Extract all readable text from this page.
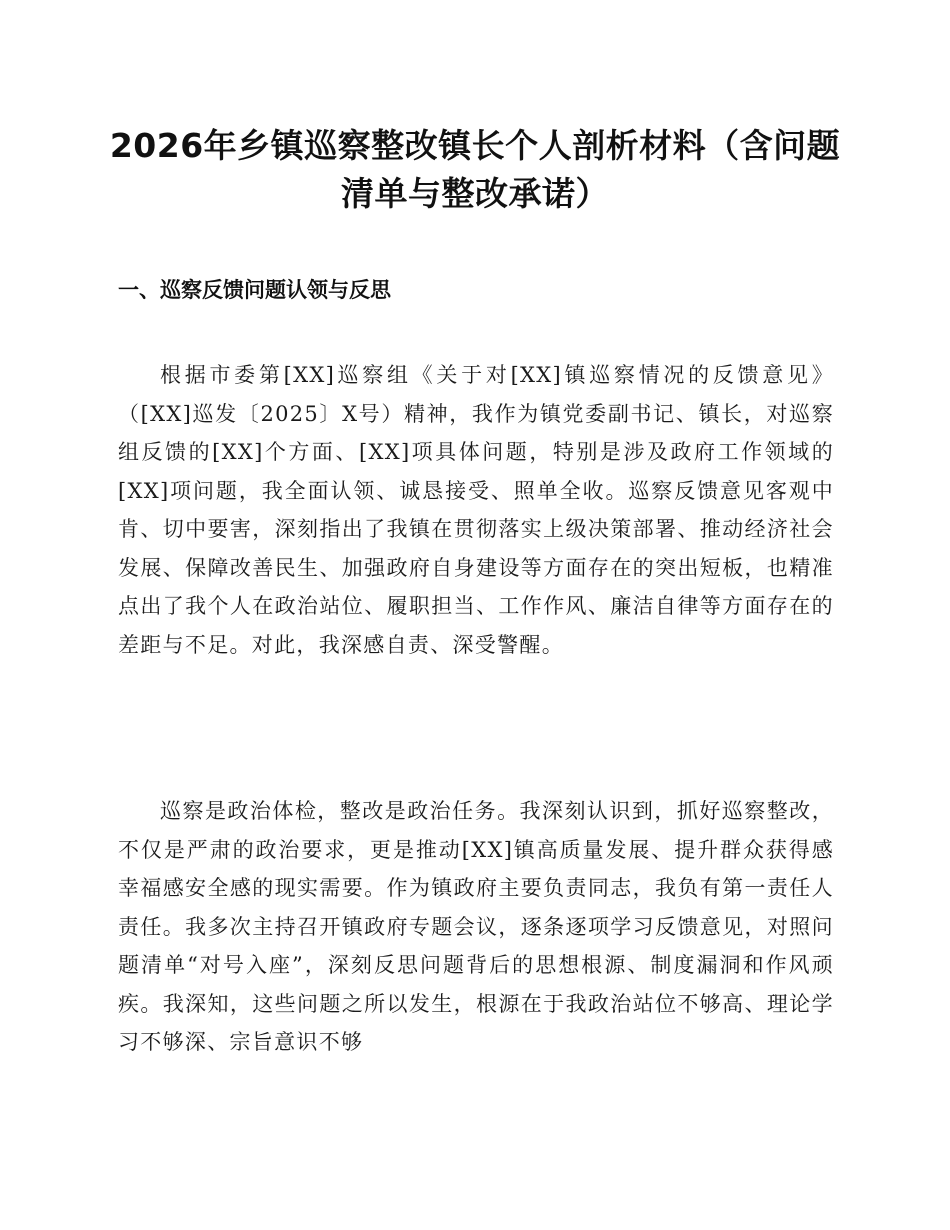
2026年乡镇巡察整改镇长个人剖析材料（含问题清单与整改承诺）
一、巡察反馈问题认领与反思

根据市委第[XX]巡察组《关于对[XX]镇巡察情况的反馈意见》（[XX]巡发〔2025〕X号）精神，我作为镇党委副书记、镇长，对巡察组反馈的[XX]个方面、[XX]项具体问题，特别是涉及政府工作领域的[XX]项问题，我全面认领、诚恳接受、照单全收。巡察反馈意见客观中肯、切中要害，深刻指出了我镇在贯彻落实上级决策部署、推动经济社会发展、保障改善民生、加强政府自身建设等方面存在的突出短板，也精准点出了我个人在政治站位、履职担当、工作作风、廉洁自律等方面存在的差距与不足。对此，我深感自责、深受警醒。

巡察是政治体检，整改是政治任务。我深刻认识到，抓好巡察整改，不仅是严肃的政治要求，更是推动[XX]镇高质量发展、提升群众获得感幸福感安全感的现实需要。作为镇政府主要负责同志，我负有第一责任人责任。我多次主持召开镇政府专题会议，逐条逐项学习反馈意见，对照问题清单“对号入座”，深刻反思问题背后的思想根源、制度漏洞和作风顽疾。我深知，这些问题之所以发生，根源在于我政治站位不够高、理论学习不够深、宗旨意识不够
